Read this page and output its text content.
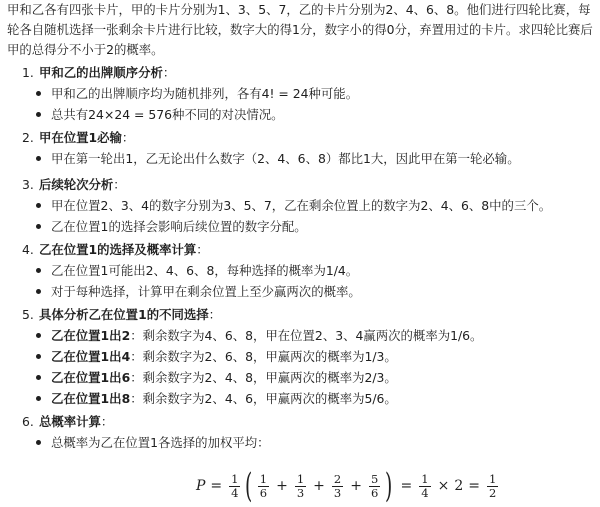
甲和乙各有四张卡片，甲的卡片分别为1、3、5、7，乙的卡片分别为2、4、6、8。他们进行四轮比赛，每轮各自随机选择一张剩余卡片进行比较，数字大的得1分，数字小的得0分，弃置用过的卡片。求四轮比赛后甲的总得分不小于2的概率。

1. 甲和乙的出牌顺序分析：
甲和乙的出牌顺序均为随机排列，各有4! = 24种可能。
总共有24×24 = 576种不同的对决情况。
2. 甲在位置1必输：
甲在第一轮出1，乙无论出什么数字（2、4、6、8）都比1大，因此甲在第一轮必输。
3. 后续轮次分析：
甲在位置2、3、4的数字分别为3、5、7，乙在剩余位置上的数字为2、4、6、8中的三个。
乙在位置1的选择会影响后续位置的数字分配。
4. 乙在位置1的选择及概率计算：
乙在位置1可能出2、4、6、8，每种选择的概率为1/4。
对于每种选择，计算甲在剩余位置上至少赢两次的概率。
5. 具体分析乙在位置1的不同选择：
乙在位置1出2：剩余数字为4、6、8，甲在位置2、3、4赢两次的概率为1/6。
乙在位置1出4：剩余数字为2、6、8，甲赢两次的概率为1/3。
乙在位置1出6：剩余数字为2、4、8，甲赢两次的概率为2/3。
乙在位置1出8：剩余数字为2、4、6，甲赢两次的概率为5/6。
6. 总概率计算：
总概率为乙在位置1各选择的加权平均：
$P = \frac{1}{4}$ ( $\frac{1}{6} + \frac{1}{3} + \frac{2}{3} + \frac{5}{6}$ ) = $\frac{1}{4} \times 2 = \frac{1}{2}$
